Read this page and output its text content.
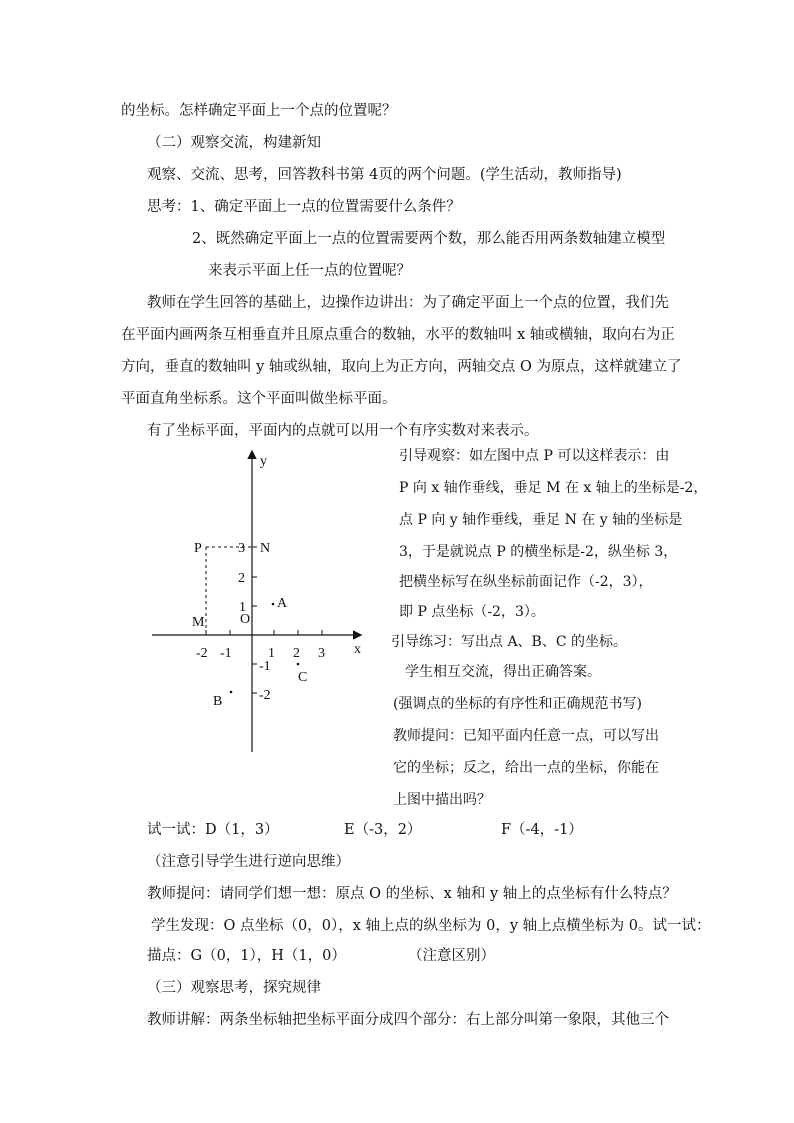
的坐标。怎样确定平面上一个点的位置呢？
（二）观察交流，构建新知
观察、交流、思考，回答教科书第 4页的两个问题。(学生活动，教师指导)
思考：1、确定平面上一点的位置需要什么条件？
2、既然确定平面上一点的位置需要两个数，那么能否用两条数轴建立模型
来表示平面上任一点的位置呢？
教师在学生回答的基础上，边操作边讲出：为了确定平面上一个点的位置，我们先
在平面内画两条互相垂直并且原点重合的数轴，水平的数轴叫 x 轴或横轴，取向右为正
方向，垂直的数轴叫 y 轴或纵轴，取向上为正方向，两轴交点 O 为原点，这样就建立了
平面直角坐标系。这个平面叫做坐标平面。
有了坐标平面，平面内的点就可以用一个有序实数对来表示。
y
x
O
-2 -1	1 2 3
3
2
1
-1
-2
P	N
M
A
C
B
引导观察：如左图中点 P 可以这样表示：由
P 向 x 轴作垂线，垂足 M 在 x 轴上的坐标是-2，
点 P 向 y 轴作垂线，垂足 N 在 y 轴的坐标是
3，于是就说点 P 的横坐标是-2，纵坐标 3，
把横坐标写在纵坐标前面记作（-2，3），
即 P 点坐标（-2，3）。
引导练习：写出点 A、B、C 的坐标。
学生相互交流，得出正确答案。
(强调点的坐标的有序性和正确规范书写)
教师提问：已知平面内任意一点，可以写出
它的坐标；反之，给出一点的坐标，你能在
上图中描出吗？
试一试：D（1，3）	E（-3，2）	F（-4，-1）
（注意引导学生进行逆向思维）
教师提问：请同学们想一想：原点 O 的坐标、x 轴和 y 轴上的点坐标有什么特点？
学生发现：O 点坐标（0，0），x 轴上点的纵坐标为 0，y 轴上点横坐标为 0。试一试：
描点：G（0，1），H（1，0）	（注意区别）
（三）观察思考，探究规律
教师讲解：两条坐标轴把坐标平面分成四个部分：右上部分叫第一象限，其他三个
